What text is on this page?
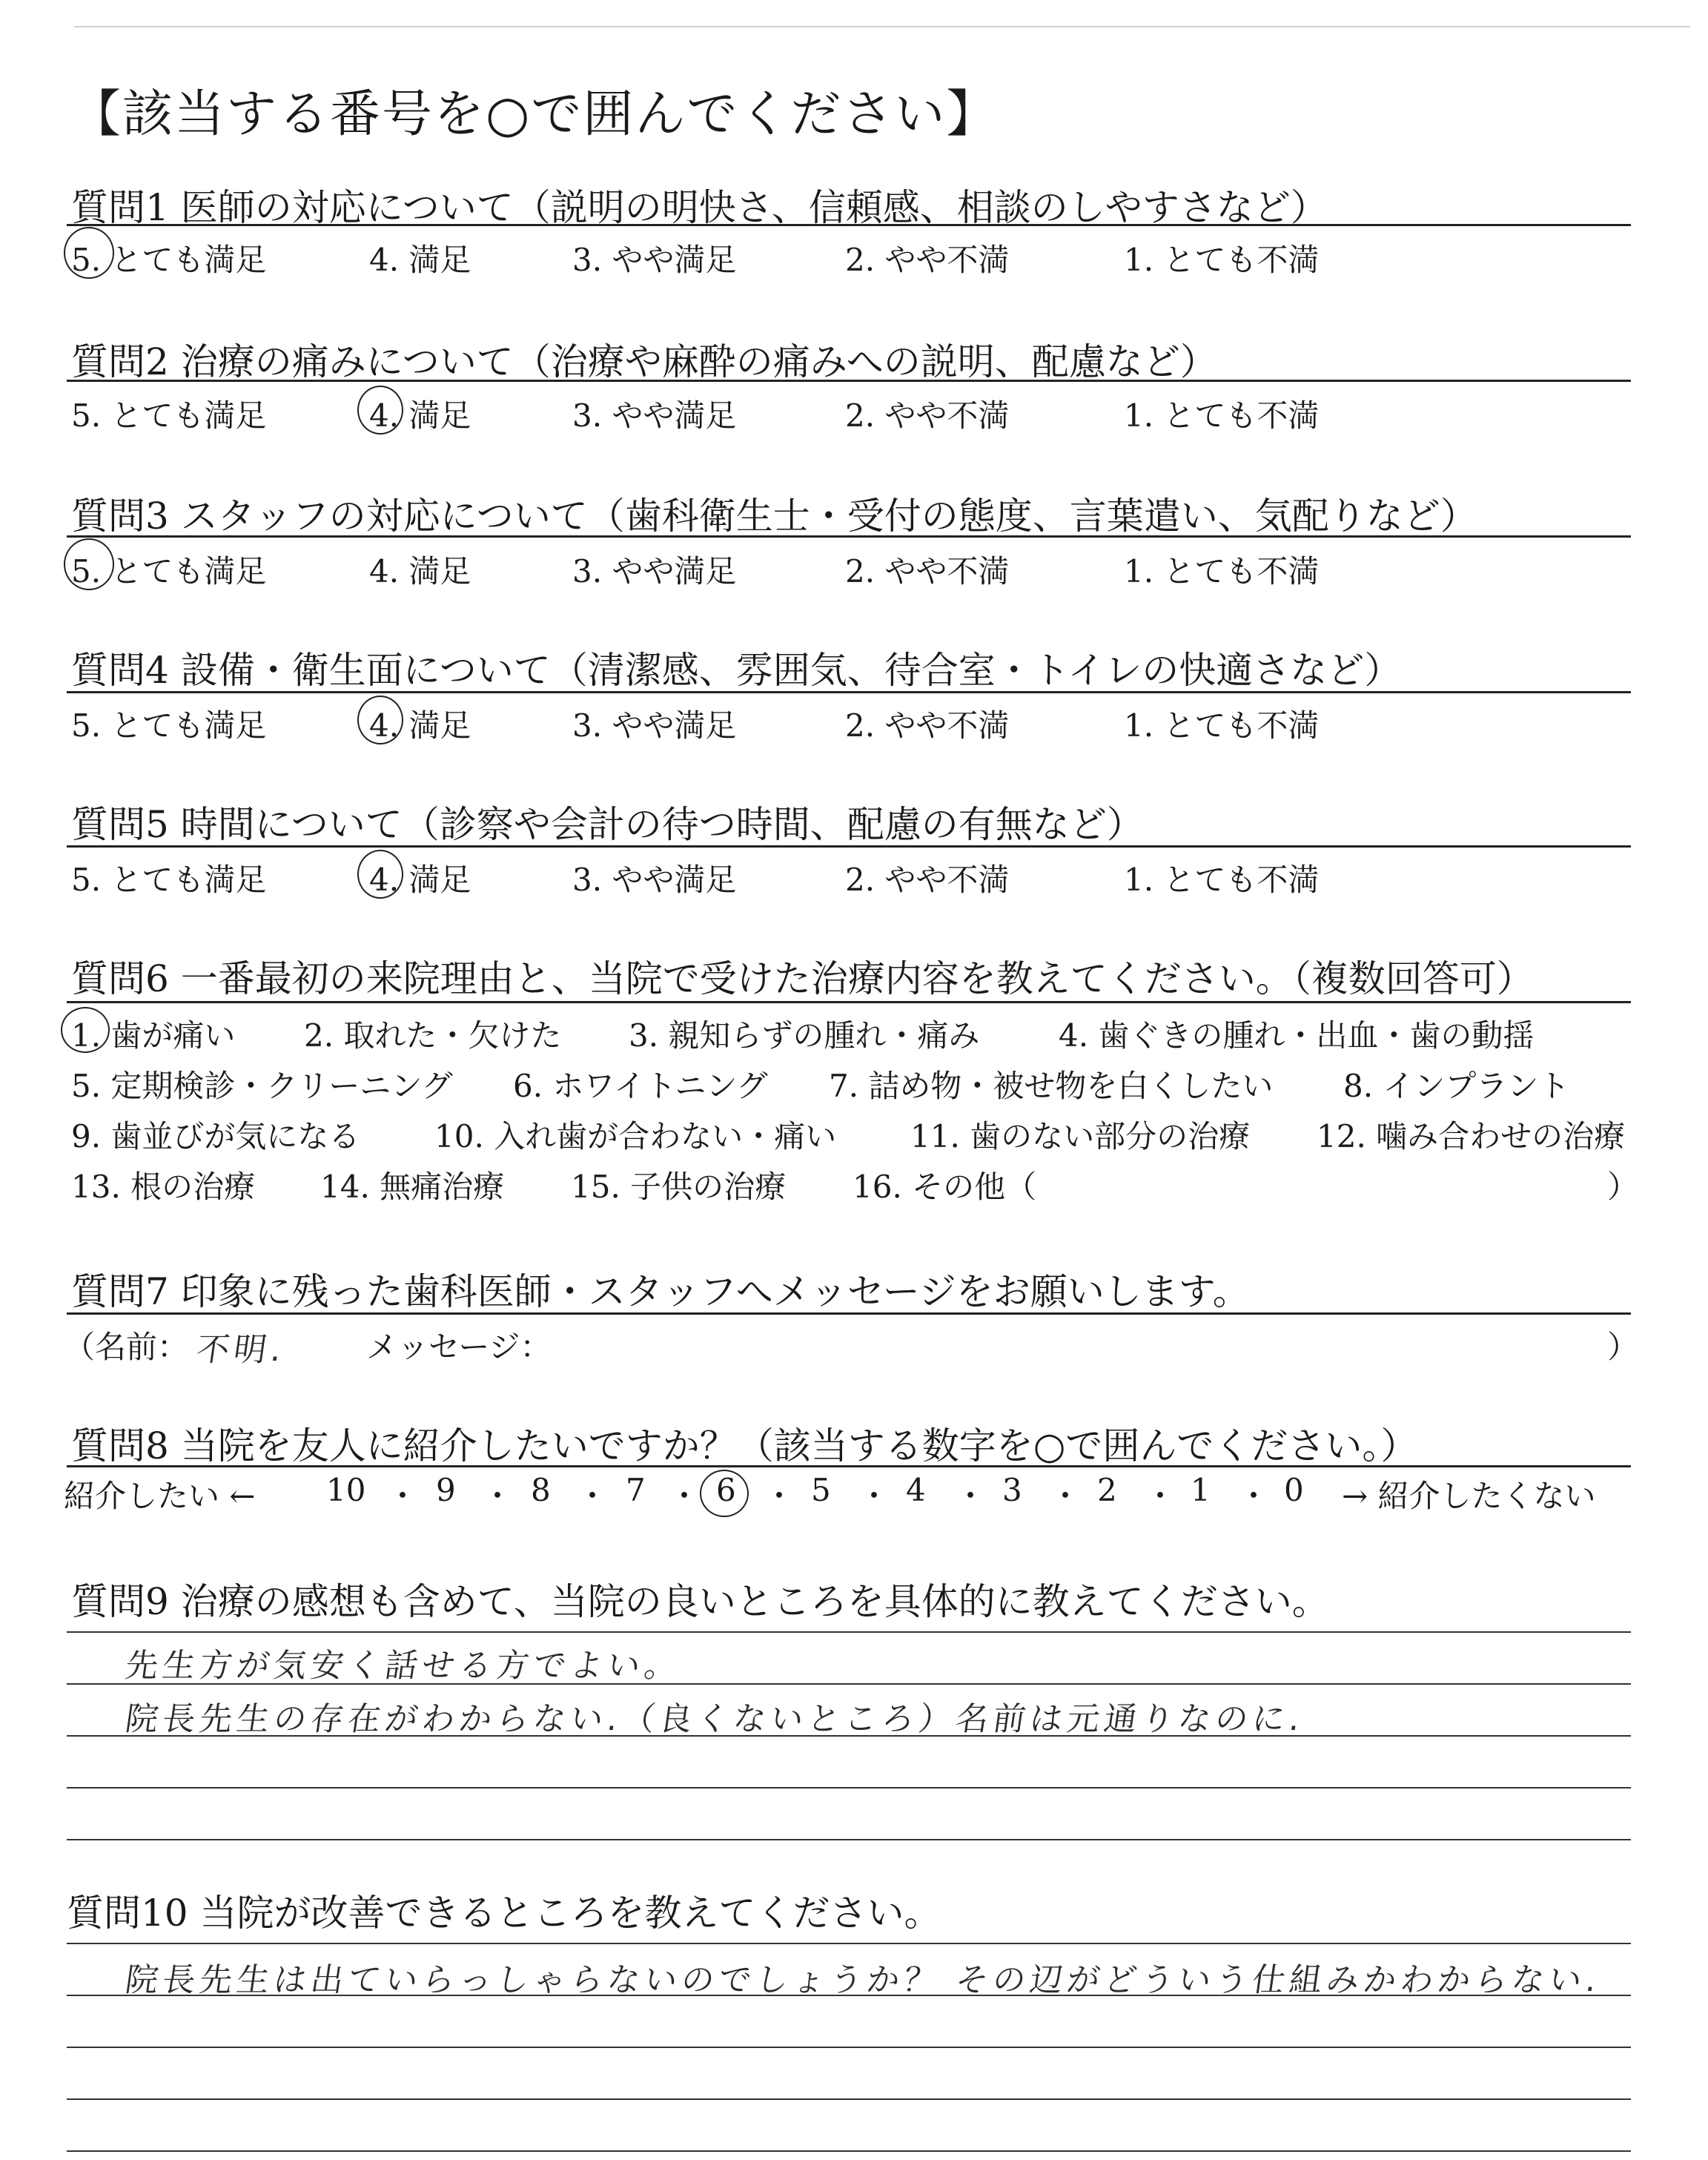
【該当する番号を○で囲んでください】
質問1 医師の対応について（説明の明快さ、信頼感、相談のしやすさなど）
5. とても満足	4. 満足	3. やや満足	2. やや不満	1. とても不満
質問2 治療の痛みについて（治療や麻酔の痛みへの説明、配慮など）
5. とても満足	4. 満足	3. やや満足	2. やや不満	1. とても不満
質問3 スタッフの対応について（歯科衛生士・受付の態度、言葉遣い、気配りなど）
5. とても満足	4. 満足	3. やや満足	2. やや不満	1. とても不満
質問4 設備・衛生面について（清潔感、雰囲気、待合室・トイレの快適さなど）
5. とても満足	4. 満足	3. やや満足	2. やや不満	1. とても不満
質問5 時間について（診察や会計の待つ時間、配慮の有無など）
5. とても満足	4. 満足	3. やや満足	2. やや不満	1. とても不満
質問6 一番最初の来院理由と、当院で受けた治療内容を教えてください。（複数回答可）
1. 歯が痛い 2. 取れた・欠けた 3. 親知らずの腫れ・痛み	4. 歯ぐきの腫れ・出血・歯の動揺
5. 定期検診・クリーニング 6. ホワイトニング 7. 詰め物・被せ物を白くしたい 8. インプラント
9. 歯並びが気になる 10. 入れ歯が合わない・痛い 11. 歯のない部分の治療 12. 噛み合わせの治療
13. 根の治療 14. 無痛治療 15. 子供の治療 16. その他（	）
質問7 印象に残った歯科医師・スタッフへメッセージをお願いします。
（名前： 不明.	メッセージ：	）
質問8 当院を友人に紹介したいですか？（該当する数字を○で囲んでください。）
紹介したい ← 10 9 8 7 6 5 4 3 2 1 0
・ ・ ・ ・ ・ ・ ・ ・ ・ ・ → 紹介したくない
質問9 治療の感想も含めて、当院の良いところを具体的に教えてください。
先生方が気安く話せる方でよい。
院長先生の存在がわからない.（良くないところ）名前は元通りなのに.
質問10 当院が改善できるところを教えてください。
院長先生は出ていらっしゃらないのでしょうか？ その辺がどういう仕組みかわからない.
